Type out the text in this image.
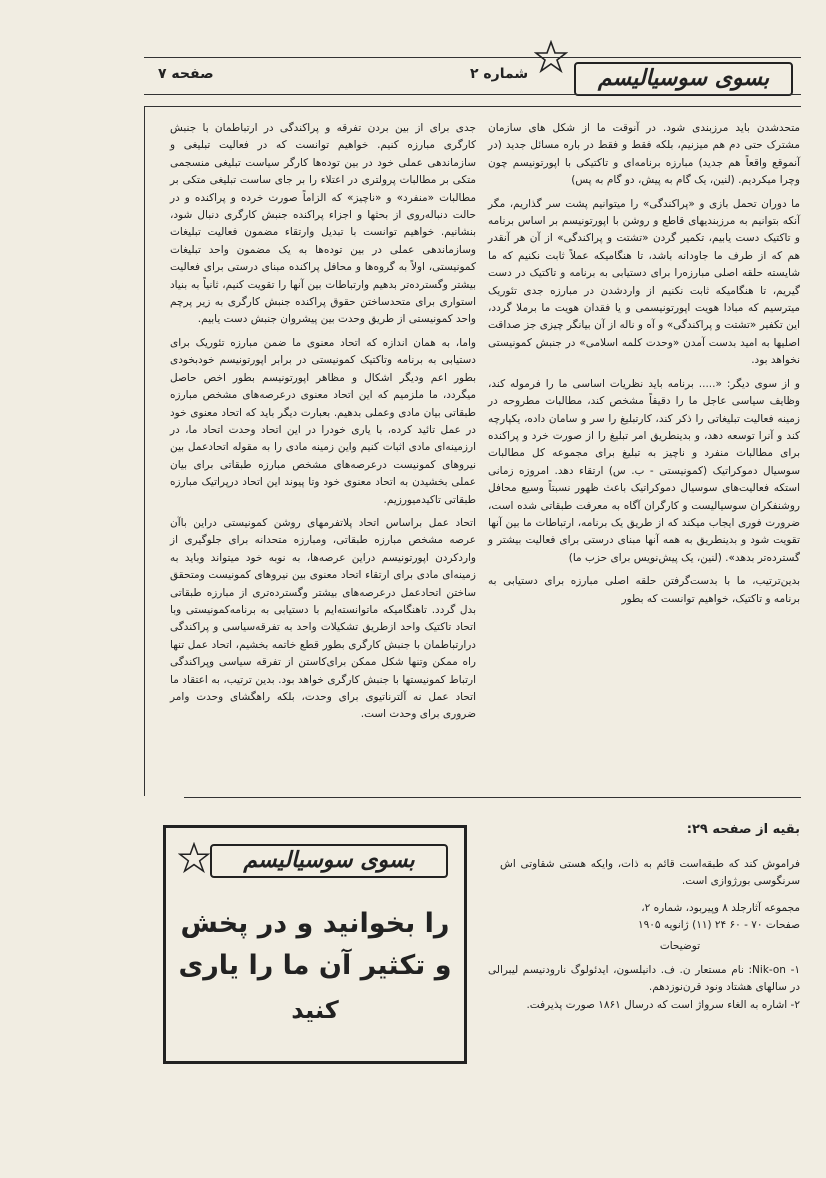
بسوی سوسیالیسم
شماره ۲
صفحه ۷

متحدشدن باید مرزبندی شود. در آنوقت ما از شکل های سازمان مشترک حتی دم هم میزنیم، بلکه فقط و فقط در باره مسائل جدید (در آنموقع واقعاً هم جدید) مبارزه برنامه‌ای و تاکتیکی با اپورتونیسم چون وچرا میکردیم. (لنین، یک گام به پیش، دو گام به پس)

ما دوران تحمل بازی و «پراکندگی» را میتوانیم پشت سر گذاریم، مگر آنکه بتوانیم به مرزبندیهای قاطع و روشن با اپورتونیسم بر اساس برنامه و تاکتیک دست یابیم، تکمیر گردن «تشتت و پراکندگی» از آن هر آنقدر هم که از طرف ما جاودانه باشد، تا هنگامیکه عملاً ثابت نکنیم که ما شایسته حلقه اصلی مبارزه‌را برای دستیابی به برنامه و تاکتیک در دست گیریم، تا هنگامیکه ثابت نکنیم از واردشدن در مبارزه جدی تئوریک میترسیم که مبادا هویت اپورتونیسمی و یا فقدان هویت ما برملا گردد، این تکفیر «تشتت و پراکندگی» و آه و ناله از آن بیانگر چیزی جز صداقت اصلیها به امید بدست آمدن «وحدت کلمه اسلامی» در جنبش کمونیستی نخواهد بود.

و از سوی دیگر: «..... برنامه باید نظریات اساسی ما را فرموله کند، وظایف سیاسی عاجل ما را دقیقاً مشخص کند، مطالبات مطروحه در زمینه فعالیت تبلیغاتی را ذکر کند، کارتبلیغ را سر و سامان داده، یکپارچه کند و آنرا توسعه دهد، و بدینطریق امر تبلیغ را از صورت خرد و پراکنده برای مطالبات منفرد و ناچیز به تبلیغ برای مجموعه کل مطالبات سوسیال دموکراتیک (کمونیستی - ب. س) ارتقاء دهد. امروزه زمانی استکه فعالیت‌های سوسیال دموکراتیک باعث ظهور نسبتاً وسیع محافل روشنفکران سوسیالیست و کارگران آگاه به معرفت طبقاتی شده است، ضرورت فوری ایجاب میکند که از طریق یک برنامه، ارتباطات ما بین آنها تقویت شود و بدینطریق به همه آنها مبنای درستی برای فعالیت بیشتر و گسترده‌تر بدهد». (لنین، یک پیش‌نویس برای حزب ما)

بدین‌ترتیب، ما با بدست‌گرفتن حلقه اصلی مبارزه برای دستیابی به برنامه و تاکتیک، خواهیم توانست که بطور

جدی برای از بین بردن تفرقه و پراکندگی در ارتباطمان با جنبش کارگری مبارزه کنیم. خواهیم توانست که در فعالیت تبلیغی و سازماندهی عملی خود در بین توده‌ها کارگر سیاست تبلیغی منسجمی متکی بر مطالبات پرولتری در اعتلاء را بر جای ساست تبلیغی متکی بر مطالبات «منفرد» و «ناچیز» که الزاماً صورت خرده و پراکنده و در حالت دنباله‌روی از بحثها و اجزاء پراکنده جنبش کارگری دنبال شود، بنشانیم. خواهیم توانست با تبدیل وارتقاء مضمون فعالیت تبلیغات وسازماندهی عملی در بین توده‌ها به یک مضمون واحد تبلیغات کمونیستی، اولاً به گروه‌ها و محافل پراکنده مبنای درستی برای فعالیت بیشتر وگسترده‌تر بدهیم وارتباطات بین آنها را تقویت کنیم، ثانیاً به بنیاد استواری برای متحدساختن حقوق پراکنده جنبش کارگری به زیر پرچم واحد کمونیستی از طریق وحدت بین پیشروان جنبش دست یابیم.

واما، به همان اندازه که اتحاد معنوی ما ضمن مبارزه تئوریک برای دستیابی به برنامه وتاکتیک کمونیستی در برابر اپورتونیسم خودبخودی بطور اعم ودیگر اشکال و مظاهر اپورتونیسم بطور اخص حاصل میگردد، ما ملزمیم که این اتحاد معنوی درعرصه‌های مشخص مبارزه طبقاتی بیان مادی وعملی بدهیم. بعبارت دیگر باید که اتحاد معنوی خود در عمل تائید کرده، با یاری خودرا در این اتحاد وحدت اتحاد ما، در ارزمینه‌ای مادی اثبات کنیم واین زمینه مادی را به مقوله اتحادعمل بین نیروهای کمونیست درعرصه‌های مشخص مبارزه طبقاتی برای بیان عملی بخشیدن به اتحاد معنوی خود وتا پیوند این اتحاد درپراتیک مبارزه طبقاتی تاکیدمیورزیم.

اتحاد عمل براساس اتحاد پلاتفرمهای روشن کمونیستی دراین باآن عرصه مشخص مبارزه طبقاتی، ومبارزه متحدانه برای جلوگیری از واردکردن اپورتونیسم دراین عرصه‌ها، به نوبه خود میتواند وباید به زمینه‌ای مادی برای ارتقاء اتحاد معنوی بین نیروهای کمونیست ومتحقق ساختن اتحادعمل درعرصه‌های بیشتر وگسترده‌تری از مبارزه طبقاتی بدل گردد. تاهنگامیکه ماتوانسته‌ایم با دستیابی به برنامه‌کمونیستی وبا اتحاد تاکتیک واحد ازطریق تشکیلات واحد به تفرقه‌سیاسی و پراکندگی درارتباطمان با جنبش کارگری بطور قطع خاتمه بخشیم، اتحاد عمل تنها راه ممکن وتنها شکل ممکن برای‌کاستن از تفرقه سیاسی وپراکندگی ارتباط کمونیستها با جنبش کارگری خواهد بود. بدین ترتیب، به اعتقاد ما اتحاد عمل نه آلترناتیوی برای وحدت، بلکه راهگشای وحدت وامر ضروری برای وحدت است.

بقیه از صفحه ۲۹:
فراموش کند که طبقه‌است قائم به ذات، وایکه هستی شقاوتی اش سرنگوسی بورژوازی است.
مجموعه آثارجلد ۸ وپیربود، شماره ۲،
صفحات ۷۰ - ۶۰ ۲۴ (۱۱) ژانویه ۱۹۰۵
توضیحات
۱- Nik-on: نام مستعار ن. ف. دانیلسون، ایدئولوگ نارودنیسم لیبرالی در سالهای هشتاد ونود قرن‌نوزدهم.
۲- اشاره به الغاء سرواژ است که درسال ۱۸۶۱ صورت پذیرفت.
بسوی سوسیالیسم
را بخوانید و در پخش
و تکثیر آن ما را یاری
کنید
